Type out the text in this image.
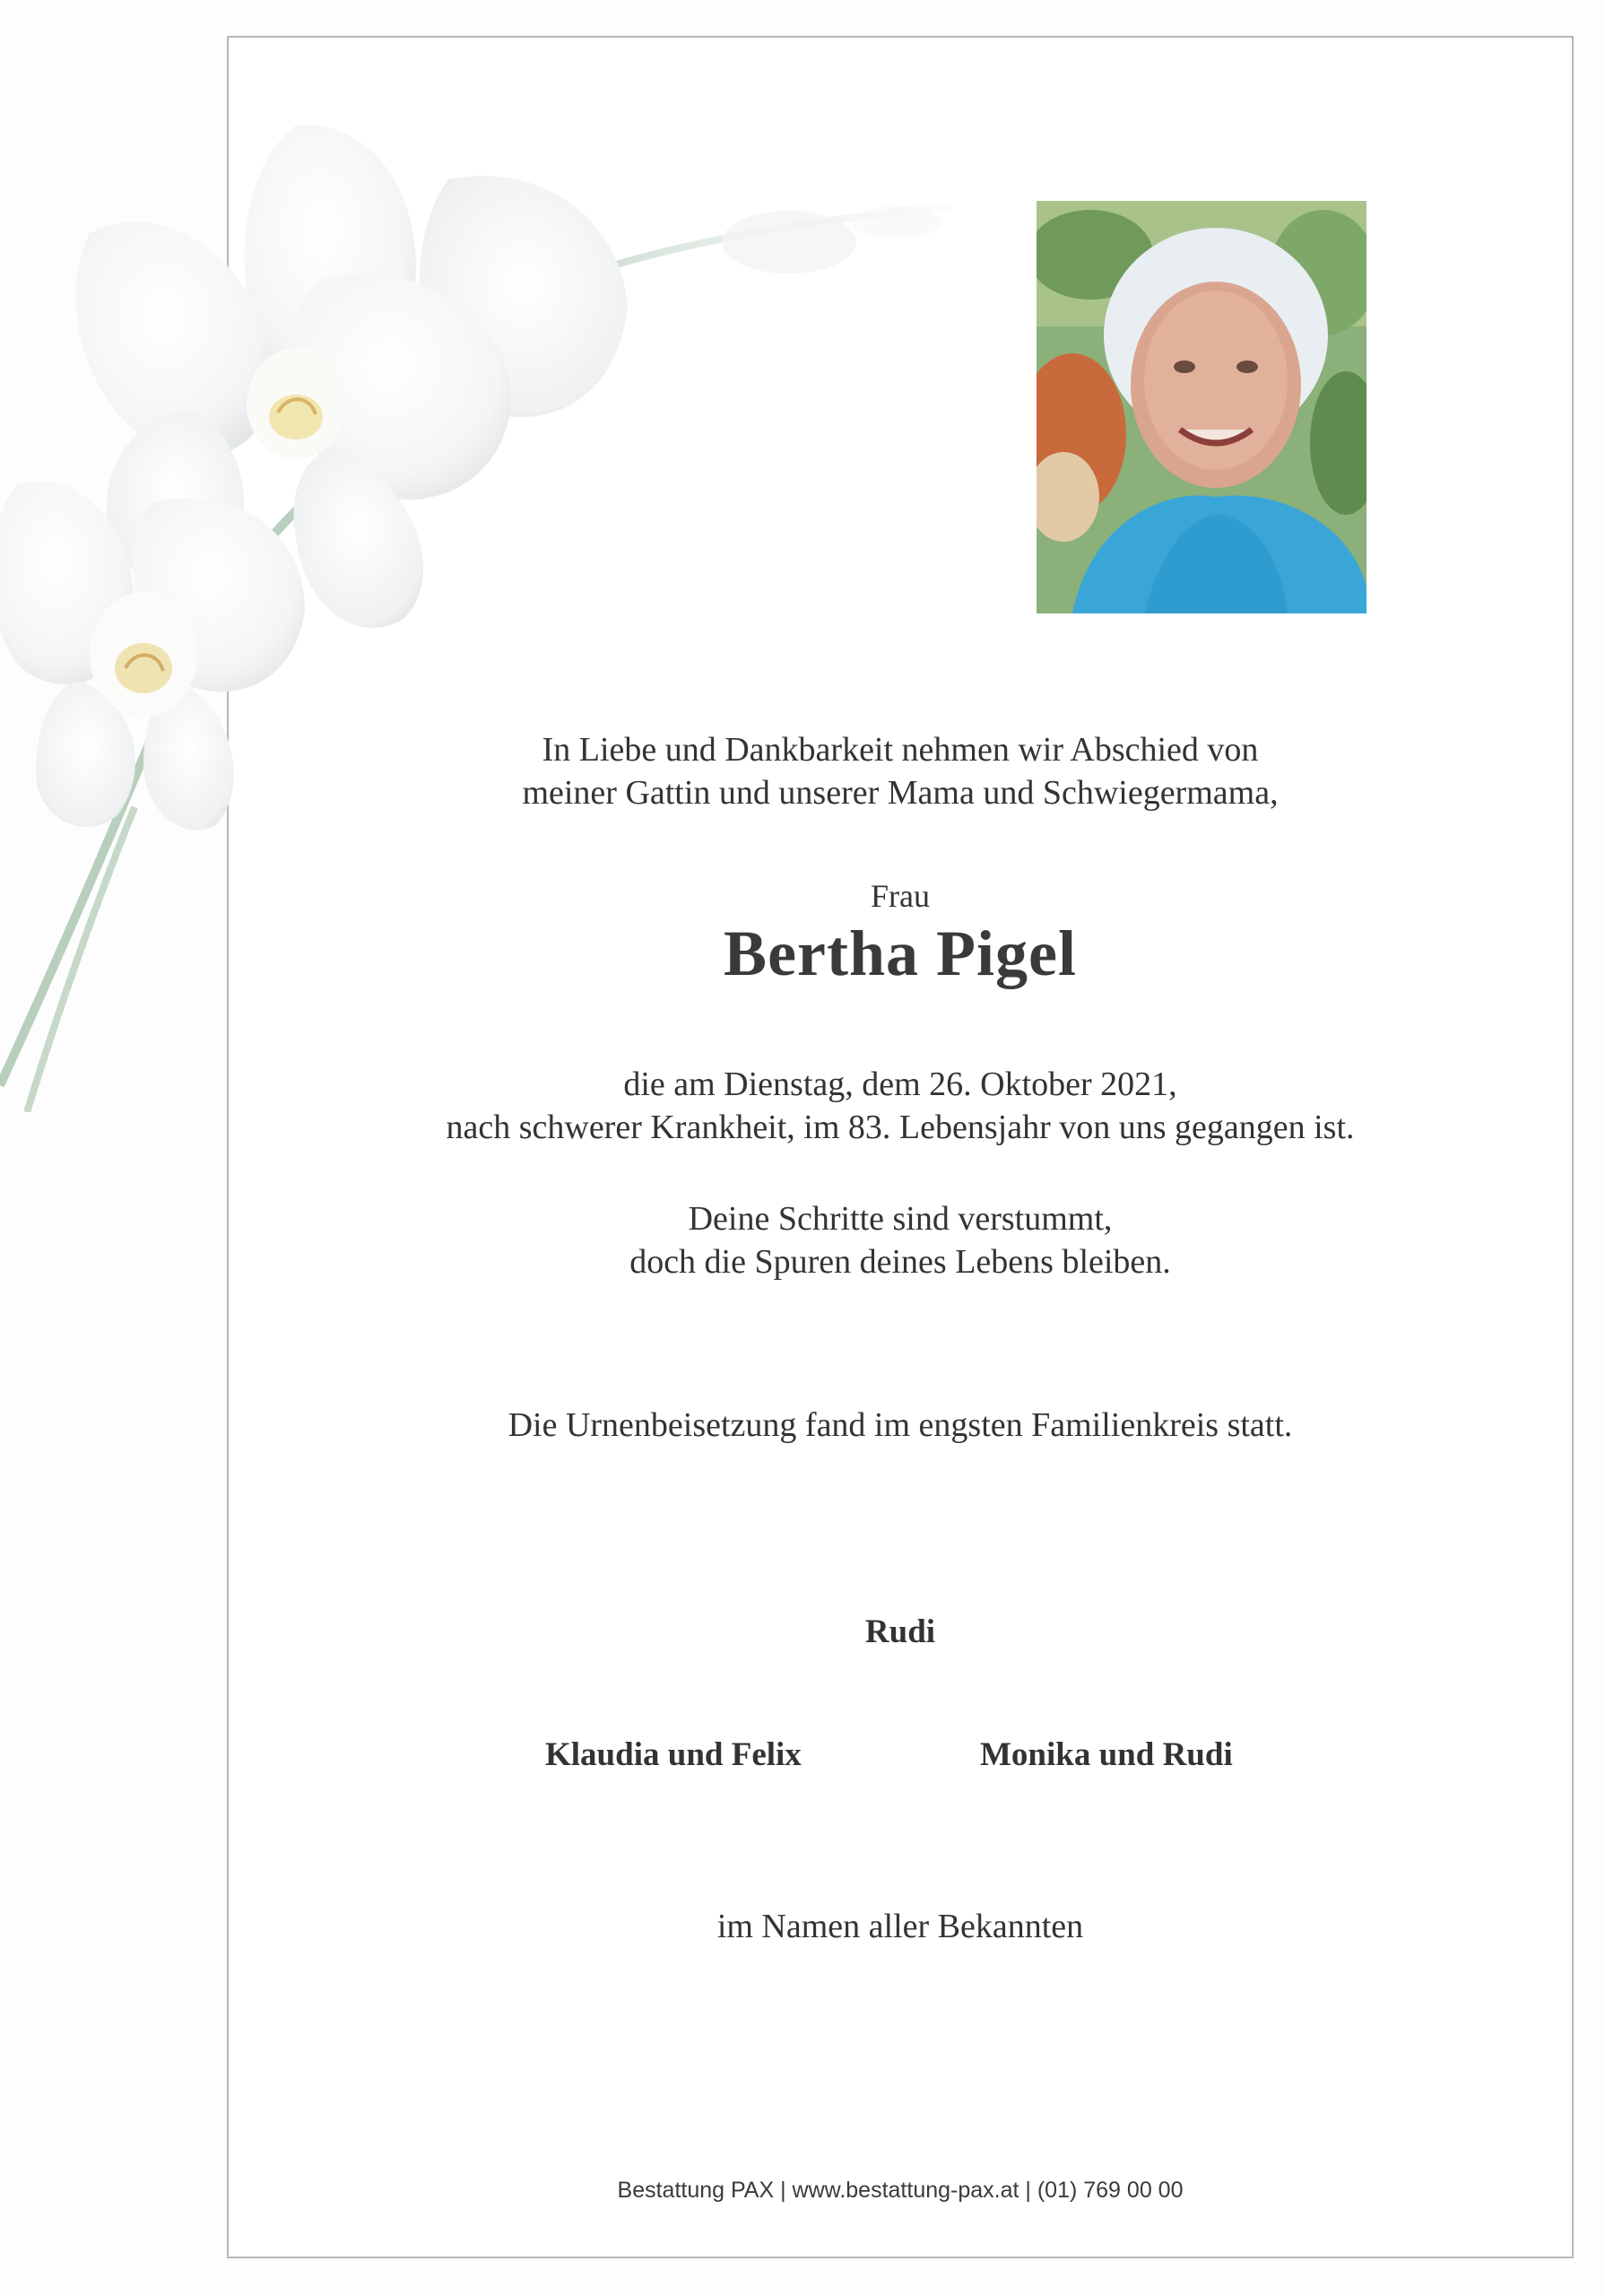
In Liebe und Dankbarkeit nehmen wir Abschied von
meiner Gattin und unserer Mama und Schwiegermama,
Frau
Bertha Pigel
die am Dienstag, dem 26. Oktober 2021,
nach schwerer Krankheit, im 83. Lebensjahr von uns gegangen ist.
Deine Schritte sind verstummt,
doch die Spuren deines Lebens bleiben.
Die Urnenbeisetzung fand im engsten Familienkreis statt.
Rudi
Klaudia und Felix	Monika und Rudi
im Namen aller Bekannten
Bestattung PAX | www.bestattung-pax.at | (01) 769 00 00
